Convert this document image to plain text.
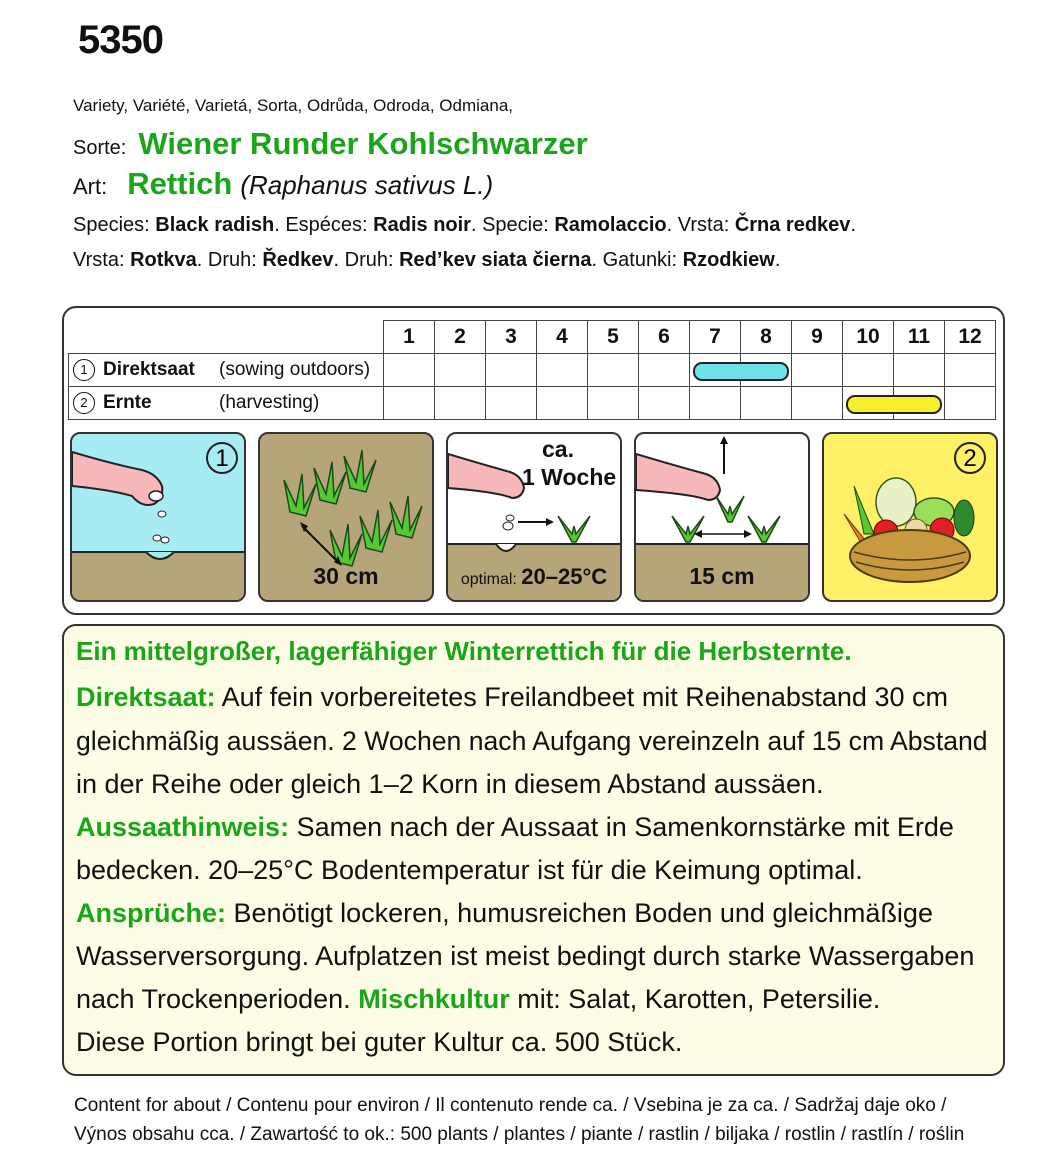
5350
Variety, Variété, Varietá, Sorta, Odrůda, Odroda, Odmiana,
Sorte: Wiener Runder Kohlschwarzer
Art: Rettich (Raphanus sativus L.)
Species: Black radish. Espéces: Radis noir. Specie: Ramolaccio. Vrsta: Črna redkev.
Vrsta: Rotkva. Druh: Ředkev. Druh: Red’kev siata čierna. Gatunki: Rzodkiew.
	1	2	3	4	5	6	7	8	9	10	11	12

1 Direktsaat (sowing outdoors)												

2 Ernte (harvesting)												

1
30 cm
ca.
1 Woche
optimal: 20–25°C	15 cm
2
Ein mittelgroßer, lagerfähiger Winterrettich für die Herbsternte.
Direktsaat: Auf fein vorbereitetes Freilandbeet mit Reihenabstand 30 cm
gleichmäßig aussäen. 2 Wochen nach Aufgang vereinzeln auf 15 cm Abstand
in der Reihe oder gleich 1–2 Korn in diesem Abstand aussäen.
Aussaathinweis: Samen nach der Aussaat in Samenkornstärke mit Erde
bedecken. 20–25°C Bodentemperatur ist für die Keimung optimal.
Ansprüche: Benötigt lockeren, humusreichen Boden und gleichmäßige
Wasserversorgung. Aufplatzen ist meist bedingt durch starke Wassergaben
nach Trockenperioden. Mischkultur mit: Salat, Karotten, Petersilie.
Diese Portion bringt bei guter Kultur ca. 500 Stück.
Content for about / Contenu pour environ / Il contenuto rende ca. / Vsebina je za ca. / Sadržaj daje oko /
Výnos obsahu cca. / Zawartość to ok.: 500 plants / plantes / piante / rastlin / biljaka / rostlin / rastlín / roślin
